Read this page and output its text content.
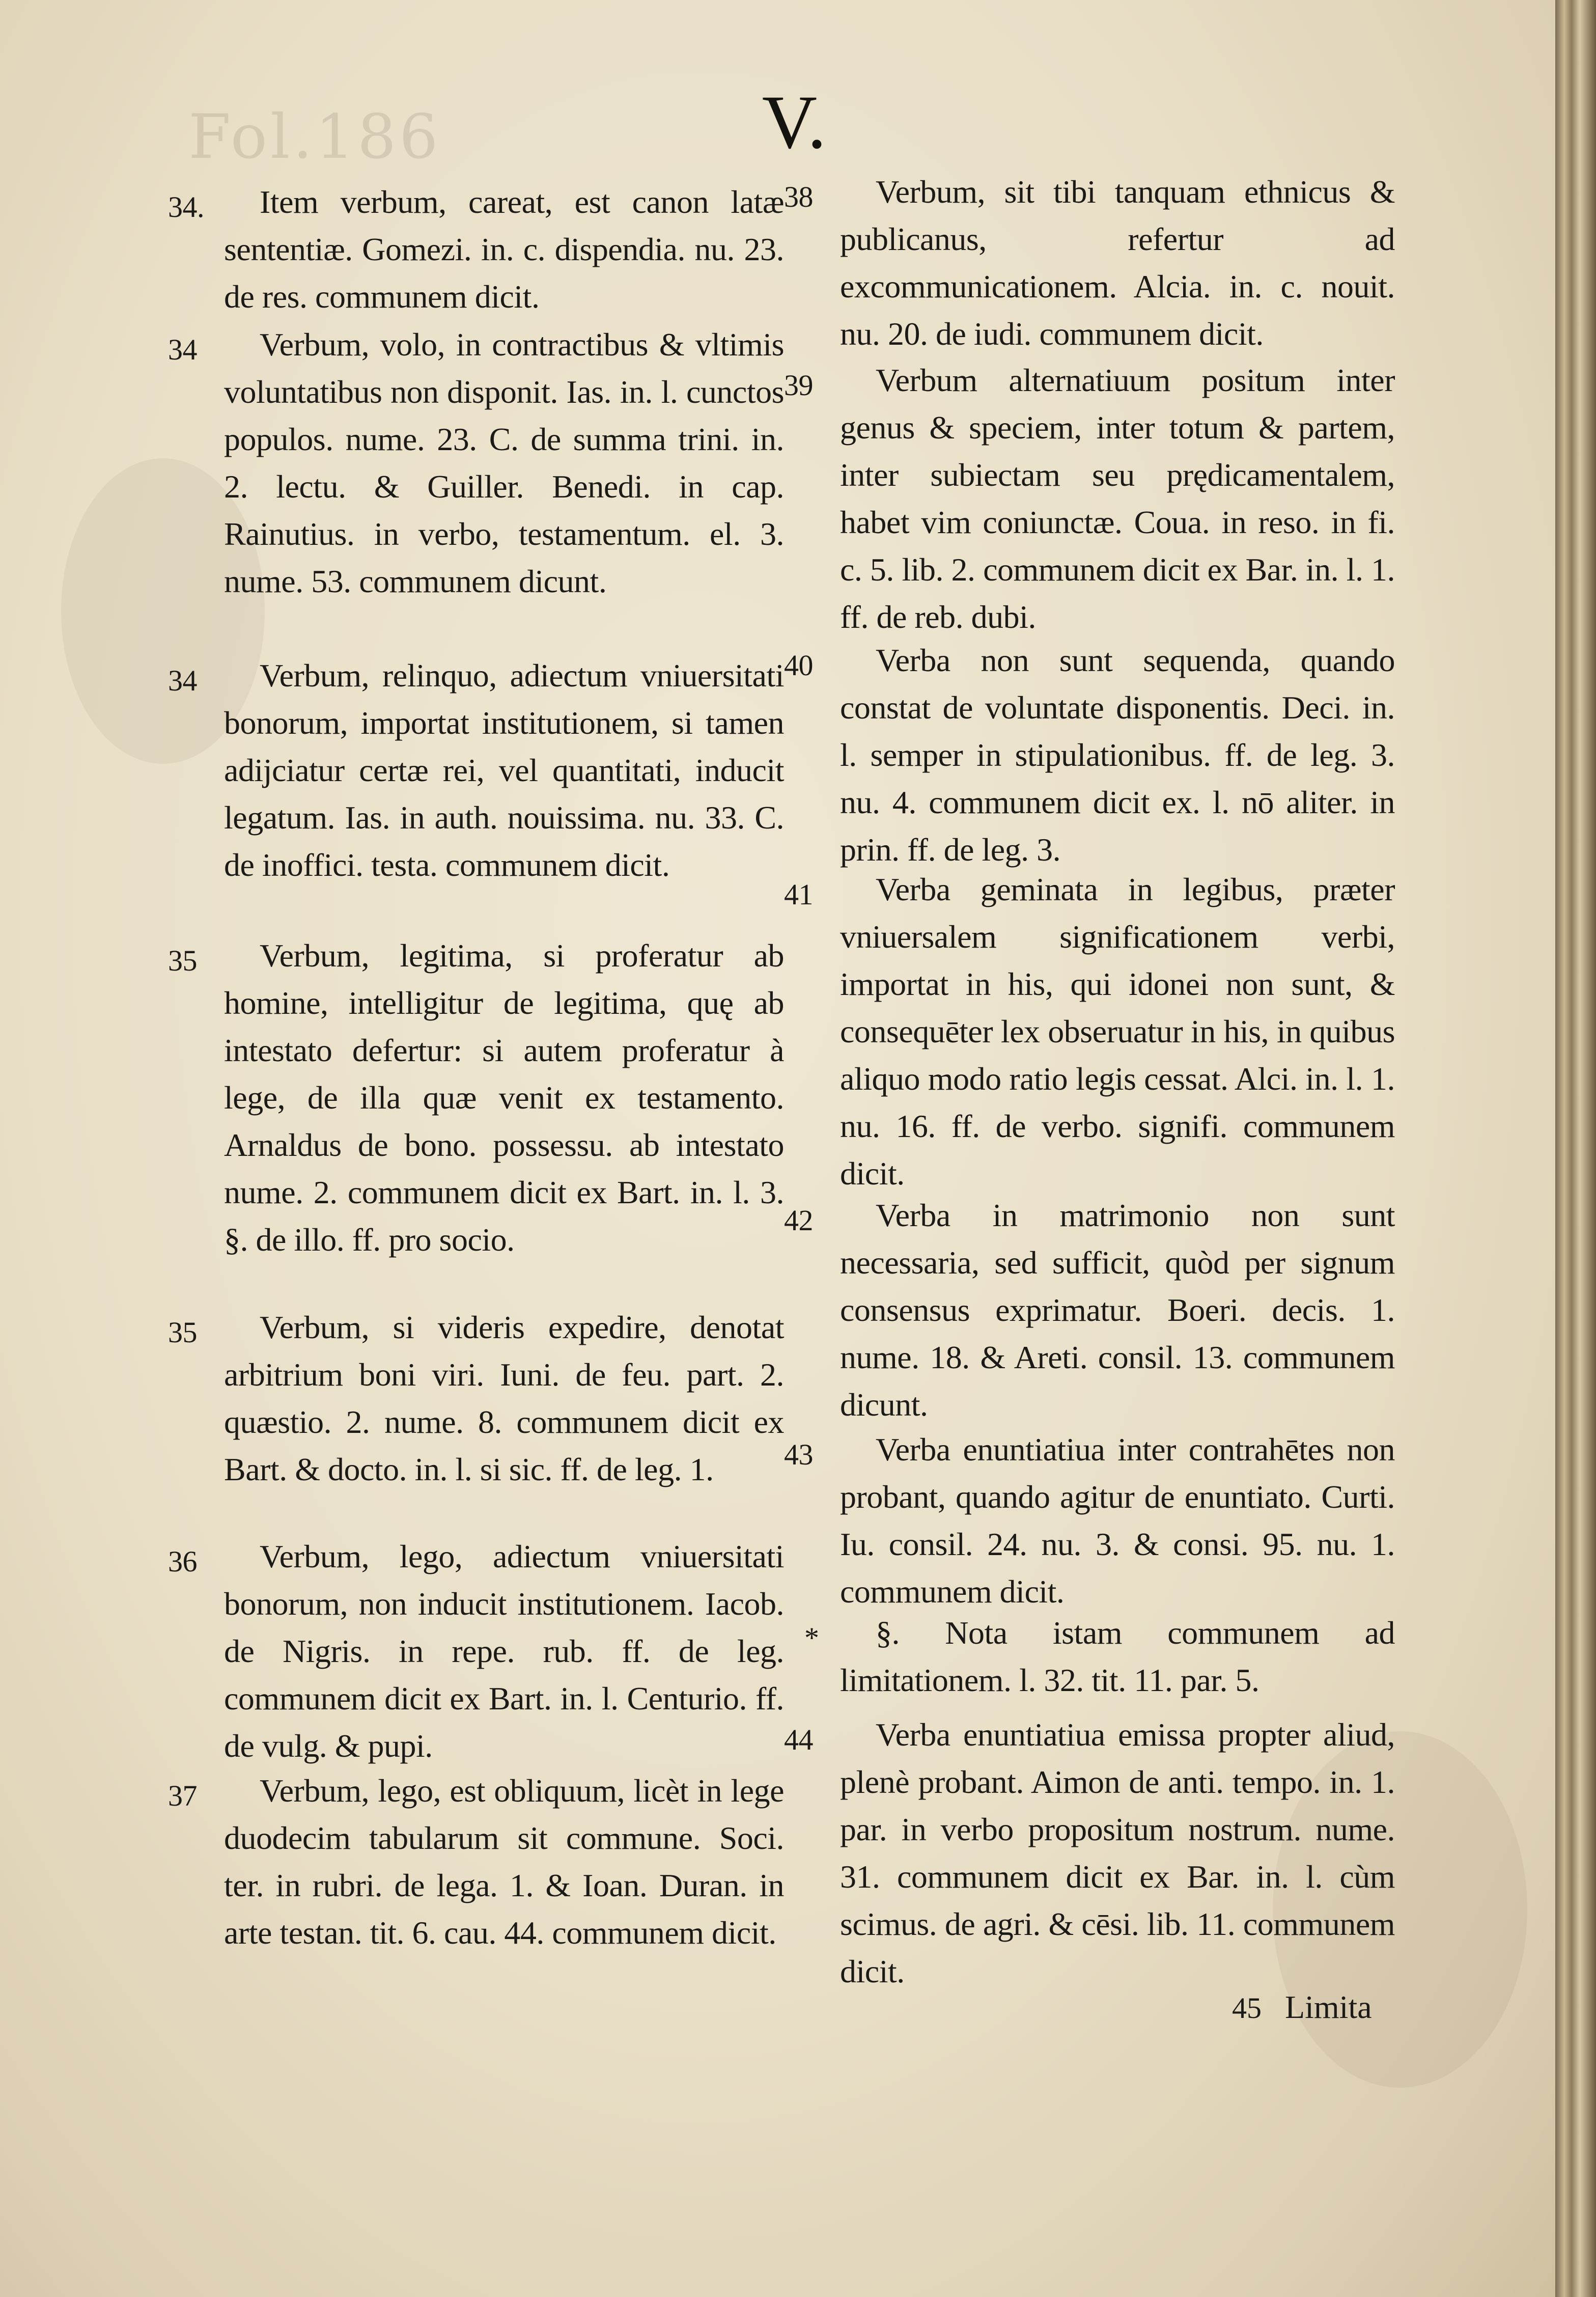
Fol.186	V.
34.	Item verbum, careat, est canon latæ sententiæ. Gomezi. in. c. dispendia. nu. 23. de res. communem dicit.
34	Verbum, volo, in contractibus & vltimis voluntatibus non disponit. Ias. in. l. cunctos populos. nume. 23. C. de summa trini. in. 2. lectu. & Guiller. Benedi. in cap. Rainutius. in verbo, testamentum. el. 3. nume. 53. communem dicunt.
34	Verbum, relinquo, adiectum vniuersitati bonorum, importat institutionem, si tamen adijciatur certæ rei, vel quantitati, inducit legatum. Ias. in auth. nouissima. nu. 33. C. de inoffici. testa. communem dicit.
35	Verbum, legitima, si proferatur ab homine, intelligitur de legitima, quę ab intestato defertur: si autem proferatur à lege, de illa quæ venit ex testamento. Arnaldus de bono. possessu. ab intestato nume. 2. communem dicit ex Bart. in. l. 3. §. de illo. ff. pro socio.
35	Verbum, si videris expedire, denotat arbitrium boni viri. Iuni. de feu. part. 2. quæstio. 2. nume. 8. communem dicit ex Bart. & docto. in. l. si sic. ff. de leg. 1.
36	Verbum, lego, adiectum vniuersitati bonorum, non inducit institutionem. Iacob. de Nigris. in repe. rub. ff. de leg. communem dicit ex Bart. in. l. Centurio. ff. de vulg. & pupi.
37	Verbum, lego, est obliquum, licèt in lege duodecim tabularum sit commune. Soci. ter. in rubri. de lega. 1. & Ioan. Duran. in arte testan. tit. 6. cau. 44. communem dicit.
38	Verbum, sit tibi tanquam ethnicus & publicanus, refertur ad excommunicationem. Alcia. in. c. nouit. nu. 20. de iudi. communem dicit.
39	Verbum alternatiuum positum inter genus & speciem, inter totum & partem, inter subiectam seu prędicamentalem, habet vim coniunctæ. Coua. in reso. in fi. c. 5. lib. 2. communem dicit ex Bar. in. l. 1. ff. de reb. dubi.
40	Verba non sunt sequenda, quando constat de voluntate disponentis. Deci. in. l. semper in stipulationibus. ff. de leg. 3. nu. 4. communem dicit ex. l. nō aliter. in prin. ff. de leg. 3.
41	Verba geminata in legibus, præter vniuersalem significationem verbi, importat in his, qui idonei non sunt, & consequēter lex obseruatur in his, in quibus aliquo modo ratio legis cessat. Alci. in. l. 1. nu. 16. ff. de verbo. signifi. communem dicit.
42	Verba in matrimonio non sunt necessaria, sed sufficit, quòd per signum consensus exprimatur. Boeri. decis. 1. nume. 18. & Areti. consil. 13. communem dicunt.
43	Verba enuntiatiua inter contrahētes non probant, quando agitur de enuntiato. Curti. Iu. consil. 24. nu. 3. & consi. 95. nu. 1. communem dicit.
*	§. Nota istam communem ad limitationem. l. 32. tit. 11. par. 5.
44	Verba enuntiatiua emissa propter aliud, plenè probant. Aimon de anti. tempo. in. 1. par. in verbo propositum nostrum. nume. 31. communem dicit ex Bar. in. l. cùm scimus. de agri. & cēsi. lib. 11. communem dicit.
45 Limita
